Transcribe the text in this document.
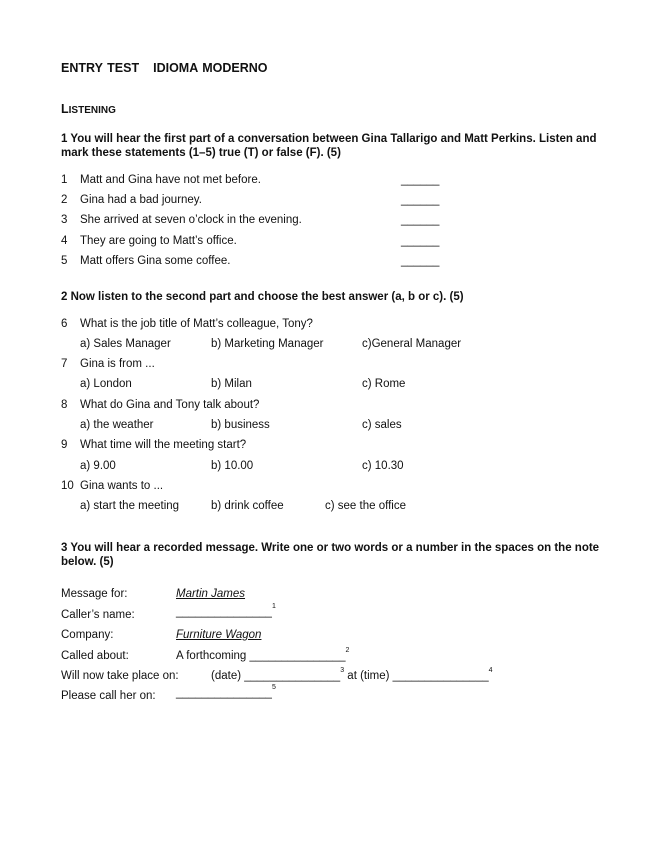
ENTRY TEST IDIOMA MODERNO
LISTENING
1 You will hear the first part of a conversation between Gina Tallarigo and Matt Perkins. Listen and mark these statements (1–5) true (T) or false (F). (5)
1 Matt and Gina have not met before.	______
2 Gina had a bad journey.	______
3 She arrived at seven o’clock in the evening.	______
4 They are going to Matt’s office.	______
5 Matt offers Gina some coffee.	______
2 Now listen to the second part and choose the best answer (a, b or c). (5)
6 What is the job title of Matt’s colleague, Tony?
a) Sales Manager	b) Marketing Manager	c)General Manager
7 Gina is from ...
a) London	b) Milan	c) Rome
8 What do Gina and Tony talk about?
a) the weather	b) business	c) sales
9 What time will the meeting start?
a) 9.00	b) 10.00	c) 10.30
10 Gina wants to ...
a) start the meeting	b) drink coffee	c) see the office
3 You will hear a recorded message. Write one or two words or a number in the spaces on the note below. (5)
Message for:	Martin James
Caller’s name:	_______________$^1$
Company:	Furniture Wagon
Called about:	A forthcoming _______________$^2$
Will now take place on:	(date) _______________$^3$ at (time) _______________$^4$
Please call her on: _______________$^5$
